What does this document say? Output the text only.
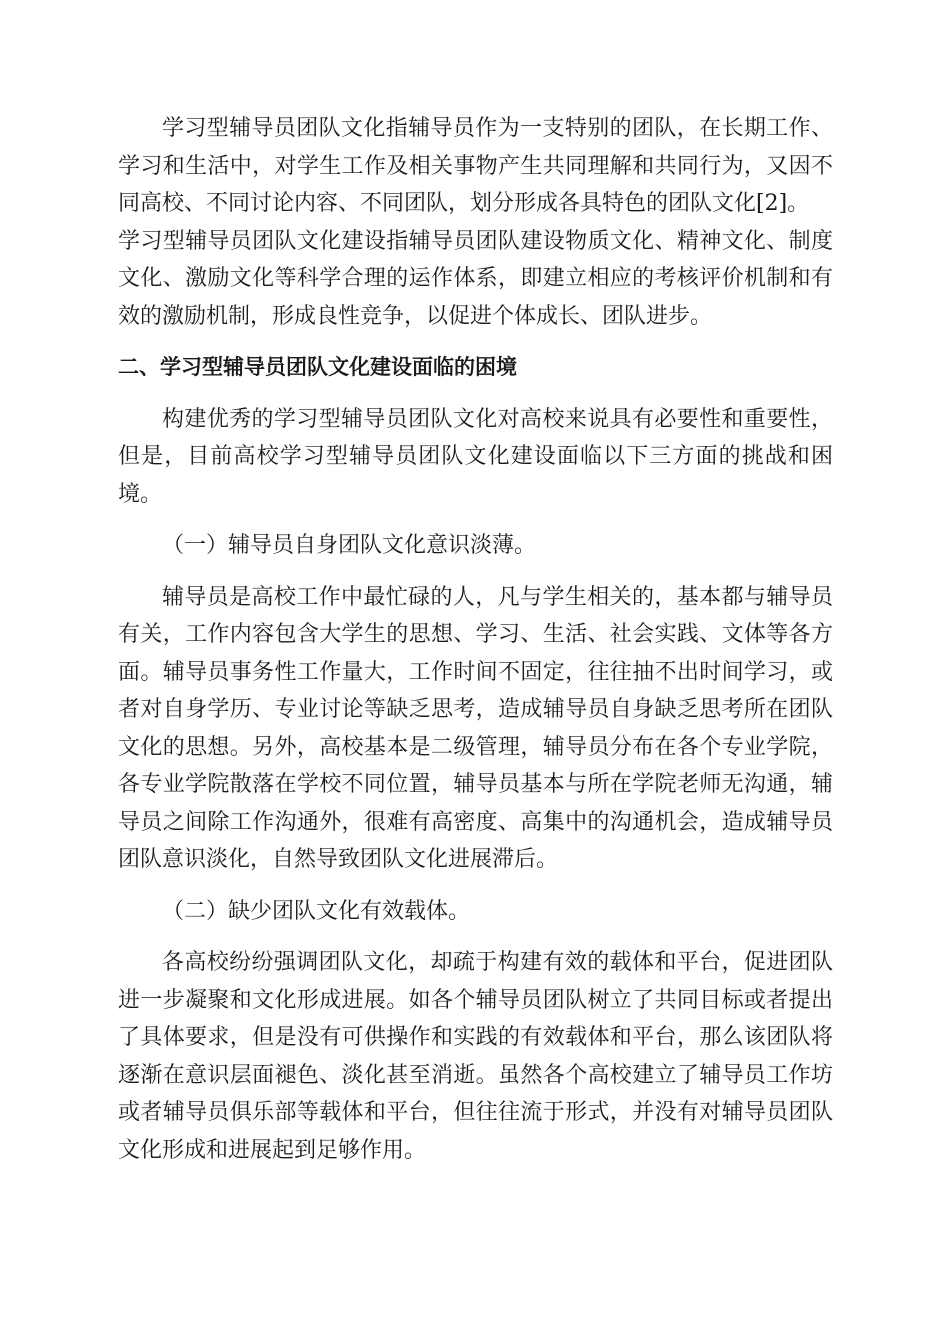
学习型辅导员团队文化指辅导员作为一支特别的团队，在长期工作、学习和生活中，对学生工作及相关事物产生共同理解和共同行为，又因不同高校、不同讨论内容、不同团队，划分形成各具特色的团队文化[2]。

学习型辅导员团队文化建设指辅导员团队建设物质文化、精神文化、制度文化、激励文化等科学合理的运作体系，即建立相应的考核评价机制和有效的激励机制，形成良性竞争，以促进个体成长、团队进步。

二、学习型辅导员团队文化建设面临的困境

构建优秀的学习型辅导员团队文化对高校来说具有必要性和重要性，但是，目前高校学习型辅导员团队文化建设面临以下三方面的挑战和困境。

（一）辅导员自身团队文化意识淡薄。

辅导员是高校工作中最忙碌的人，凡与学生相关的，基本都与辅导员有关，工作内容包含大学生的思想、学习、生活、社会实践、文体等各方面。辅导员事务性工作量大，工作时间不固定，往往抽不出时间学习，或者对自身学历、专业讨论等缺乏思考，造成辅导员自身缺乏思考所在团队文化的思想。另外，高校基本是二级管理，辅导员分布在各个专业学院，各专业学院散落在学校不同位置，辅导员基本与所在学院老师无沟通，辅导员之间除工作沟通外，很难有高密度、高集中的沟通机会，造成辅导员团队意识淡化，自然导致团队文化进展滞后。

（二）缺少团队文化有效载体。

各高校纷纷强调团队文化，却疏于构建有效的载体和平台，促进团队进一步凝聚和文化形成进展。如各个辅导员团队树立了共同目标或者提出了具体要求，但是没有可供操作和实践的有效载体和平台，那么该团队将逐渐在意识层面褪色、淡化甚至消逝。虽然各个高校建立了辅导员工作坊或者辅导员俱乐部等载体和平台，但往往流于形式，并没有对辅导员团队文化形成和进展起到足够作用。
